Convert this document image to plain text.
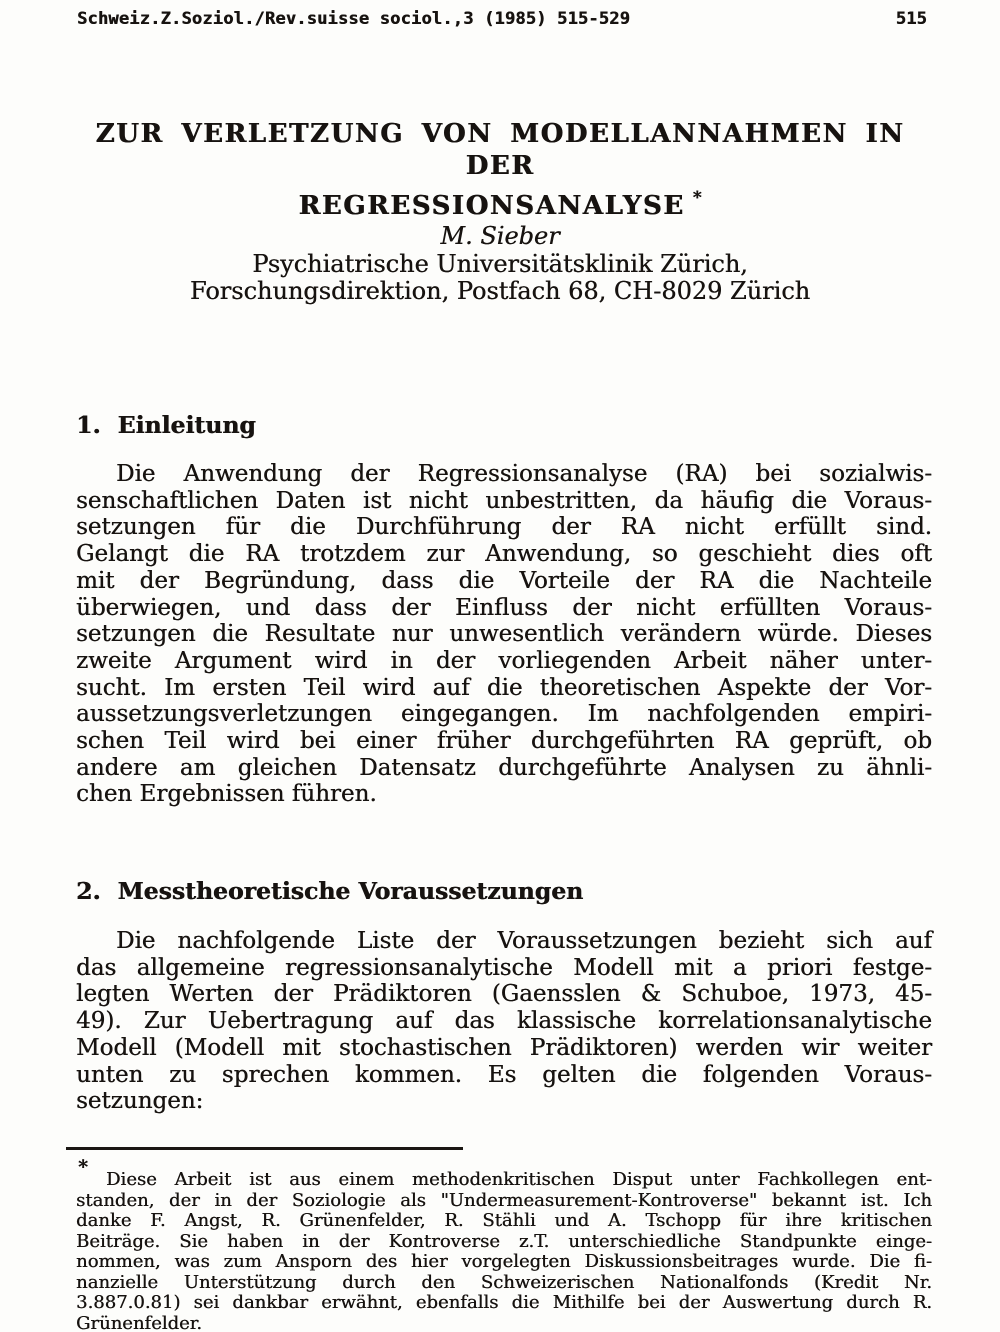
Schweiz.Z.Soziol./Rev.suisse sociol.,3 (1985) 515-529	515
ZUR VERLETZUNG VON MODELLANNAHMEN IN DER
REGRESSIONSANALYSE *
M. Sieber
Psychiatrische Universitätsklinik Zürich,
Forschungsdirektion, Postfach 68, CH-8029 Zürich
1. Einleitung
Die Anwendung der Regressionsanalyse (RA) bei sozialwis-
senschaftlichen Daten ist nicht unbestritten, da häufig die Voraus-
setzungen für die Durchführung der RA nicht erfüllt sind.
Gelangt die RA trotzdem zur Anwendung, so geschieht dies oft
mit der Begründung, dass die Vorteile der RA die Nachteile
überwiegen, und dass der Einfluss der nicht erfüllten Voraus-
setzungen die Resultate nur unwesentlich verändern würde. Dieses
zweite Argument wird in der vorliegenden Arbeit näher unter-
sucht. Im ersten Teil wird auf die theoretischen Aspekte der Vor-
aussetzungsverletzungen eingegangen. Im nachfolgenden empiri-
schen Teil wird bei einer früher durchgeführten RA geprüft, ob
andere am gleichen Datensatz durchgeführte Analysen zu ähnli-
chen Ergebnissen führen.
2. Messtheoretische Voraussetzungen
Die nachfolgende Liste der Voraussetzungen bezieht sich auf
das allgemeine regressionsanalytische Modell mit a priori festge-
legten Werten der Prädiktoren (Gaensslen & Schuboe, 1973, 45-
49). Zur Uebertragung auf das klassische korrelationsanalytische
Modell (Modell mit stochastischen Prädiktoren) werden wir weiter
unten zu sprechen kommen. Es gelten die folgenden Voraus-
setzungen:
*
Diese Arbeit ist aus einem methodenkritischen Disput unter Fachkollegen ent-
standen, der in der Soziologie als "Undermeasurement-Kontroverse" bekannt ist. Ich
danke F. Angst, R. Grünenfelder, R. Stähli und A. Tschopp für ihre kritischen
Beiträge. Sie haben in der Kontroverse z.T. unterschiedliche Standpunkte einge-
nommen, was zum Ansporn des hier vorgelegten Diskussionsbeitrages wurde. Die fi-
nanzielle Unterstützung durch den Schweizerischen Nationalfonds (Kredit Nr.
3.887.0.81) sei dankbar erwähnt, ebenfalls die Mithilfe bei der Auswertung durch R.
Grünenfelder.
